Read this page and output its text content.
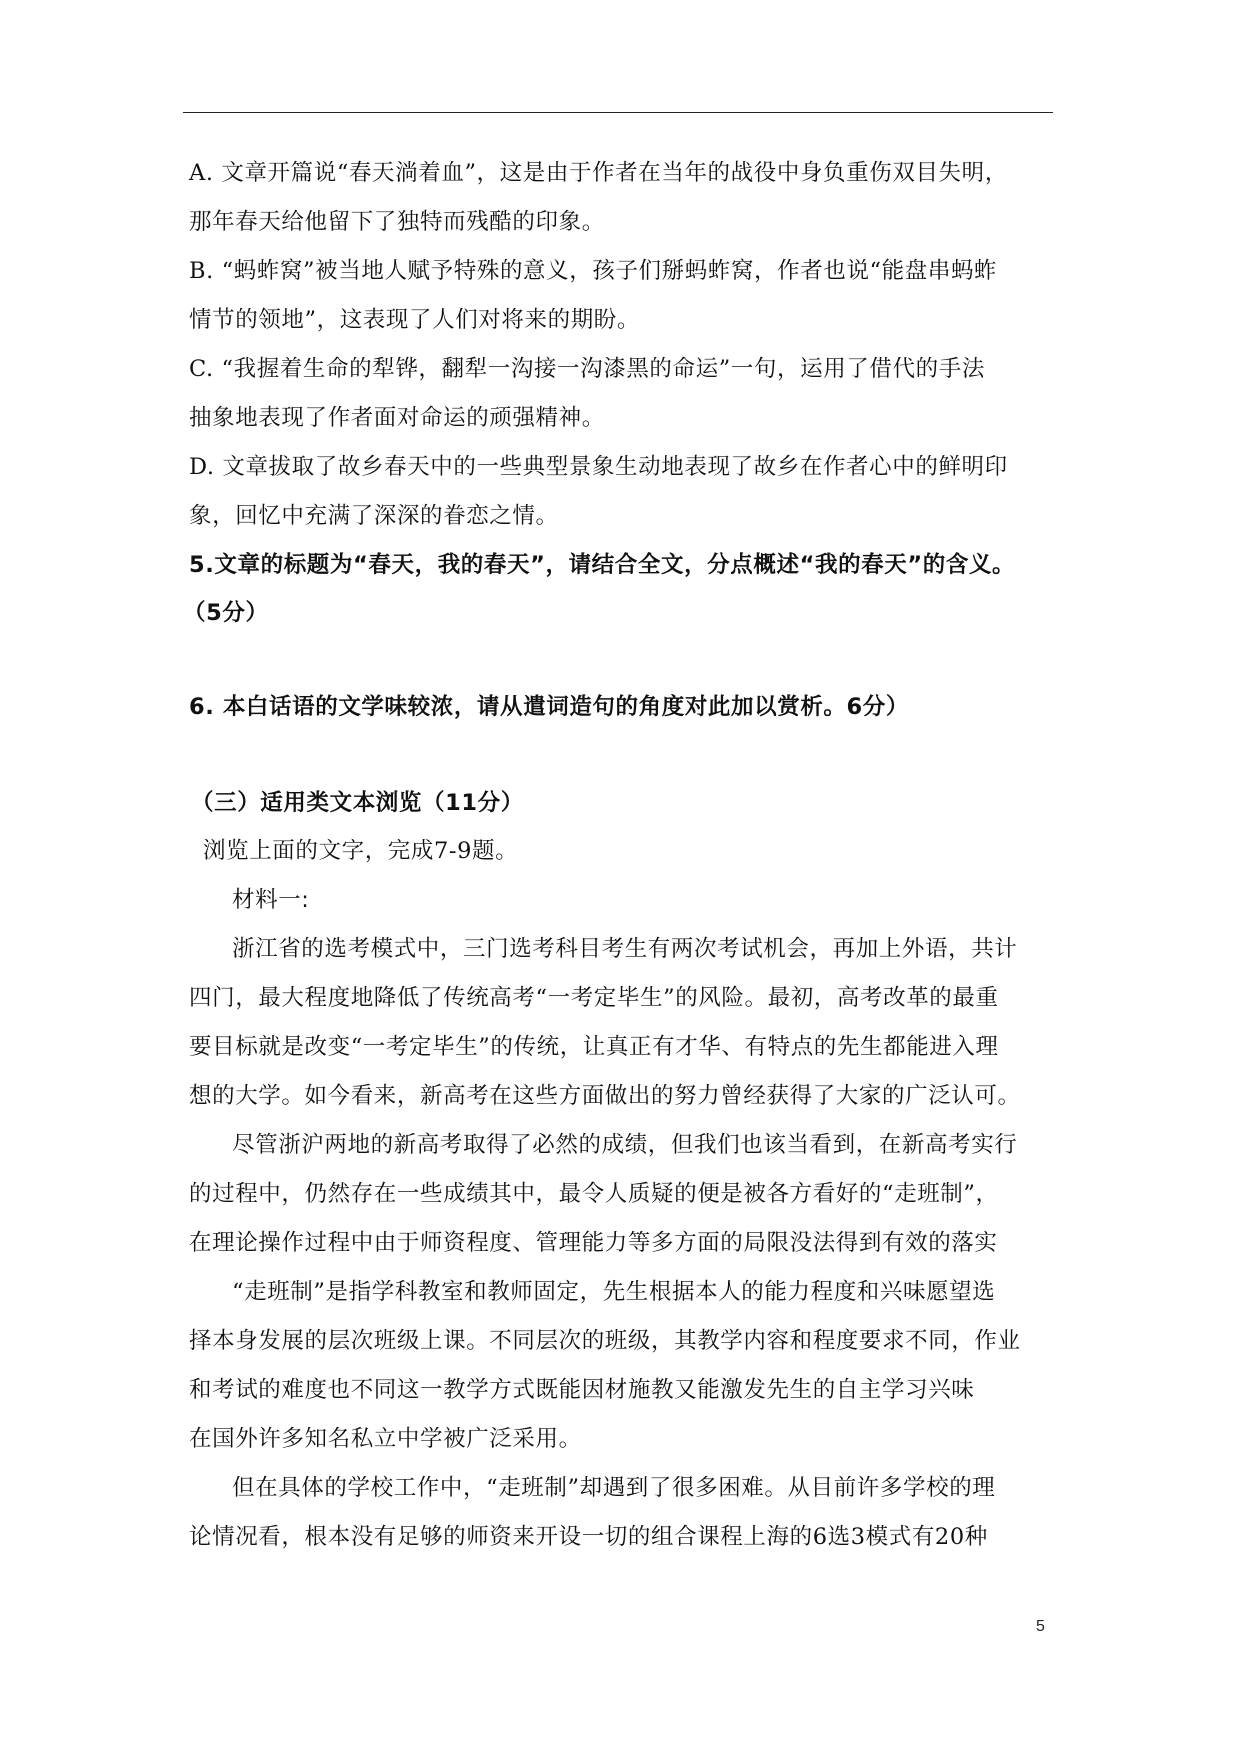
A. 文章开篇说“春天淌着血”，这是由于作者在当年的战役中身负重伤双目失明，
那年春天给他留下了独特而残酷的印象。
B. “蚂蚱窝”被当地人赋予特殊的意义，孩子们掰蚂蚱窝，作者也说“能盘串蚂蚱
情节的领地”，这表现了人们对将来的期盼。
C. “我握着生命的犁铧，翻犁一沟接一沟漆黑的命运”一句，运用了借代的手法
抽象地表现了作者面对命运的顽强精神。
D. 文章拔取了故乡春天中的一些典型景象生动地表现了故乡在作者心中的鲜明印
象，回忆中充满了深深的眷恋之情。
5.文章的标题为“春天，我的春天”，请结合全文，分点概述“我的春天”的含义。
（5分）
6. 本白话语的文学味较浓，请从遣词造句的角度对此加以赏析。6分）
（三）适用类文本浏览（11分）
浏览上面的文字，完成7-9题。
材料一:
浙江省的选考模式中，三门选考科目考生有两次考试机会，再加上外语，共计
四门，最大程度地降低了传统高考“一考定毕生”的风险。最初，高考改革的最重
要目标就是改变“一考定毕生”的传统，让真正有才华、有特点的先生都能进入理
想的大学。如今看来，新高考在这些方面做出的努力曾经获得了大家的广泛认可。
尽管浙沪两地的新高考取得了必然的成绩，但我们也该当看到，在新高考实行
的过程中，仍然存在一些成绩其中，最令人质疑的便是被各方看好的“走班制”，
在理论操作过程中由于师资程度、管理能力等多方面的局限没法得到有效的落实
“走班制”是指学科教室和教师固定，先生根据本人的能力程度和兴味愿望选
择本身发展的层次班级上课。不同层次的班级，其教学内容和程度要求不同，作业
和考试的难度也不同这一教学方式既能因材施教又能激发先生的自主学习兴味
在国外许多知名私立中学被广泛采用。
但在具体的学校工作中，“走班制”却遇到了很多困难。从目前许多学校的理
论情况看，根本没有足够的师资来开设一切的组合课程上海的6选3模式有20种
5
